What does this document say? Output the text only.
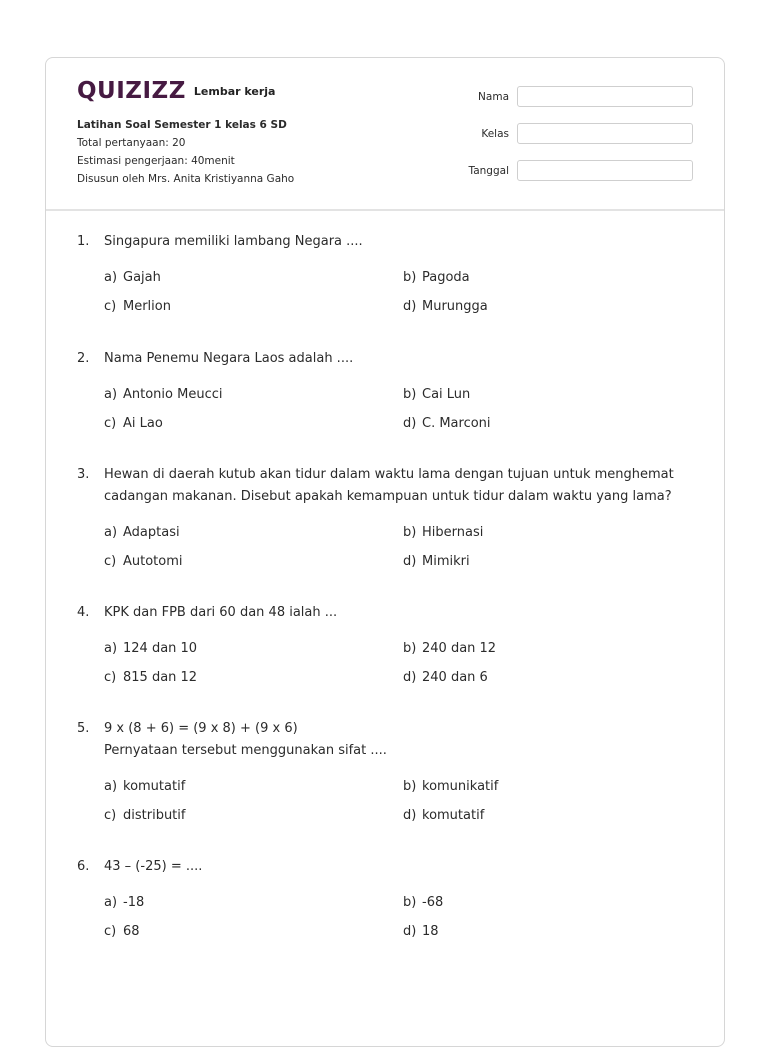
QUIZIZZ Lembar kerja
Latihan Soal Semester 1 kelas 6 SD
Total pertanyaan: 20
Estimasi pengerjaan: 40menit
Disusun oleh Mrs. Anita Kristiyanna Gaho
Nama
Kelas
Tanggal
1.	Singapura memiliki lambang Negara ....
a) Gajah	b) Pagoda
c) Merlion	d) Murungga
2.	Nama Penemu Negara Laos adalah ....
a) Antonio Meucci	b) Cai Lun
c) Ai Lao	d) C. Marconi
3.	Hewan di daerah kutub akan tidur dalam waktu lama dengan tujuan untuk menghemat
cadangan makanan. Disebut apakah kemampuan untuk tidur dalam waktu yang lama?
a) Adaptasi	b) Hibernasi
c) Autotomi	d) Mimikri
4.	KPK dan FPB dari 60 dan 48 ialah ...
a) 124 dan 10	b) 240 dan 12
c) 815 dan 12	d) 240 dan 6
5.	9 x (8 + 6) = (9 x 8) + (9 x 6)
Pernyataan tersebut menggunakan sifat ....
a) komutatif	b) komunikatif
c) distributif	d) komutatif
6.	43 – (-25) = ....
a) -18	b) -68
c) 68	d) 18
